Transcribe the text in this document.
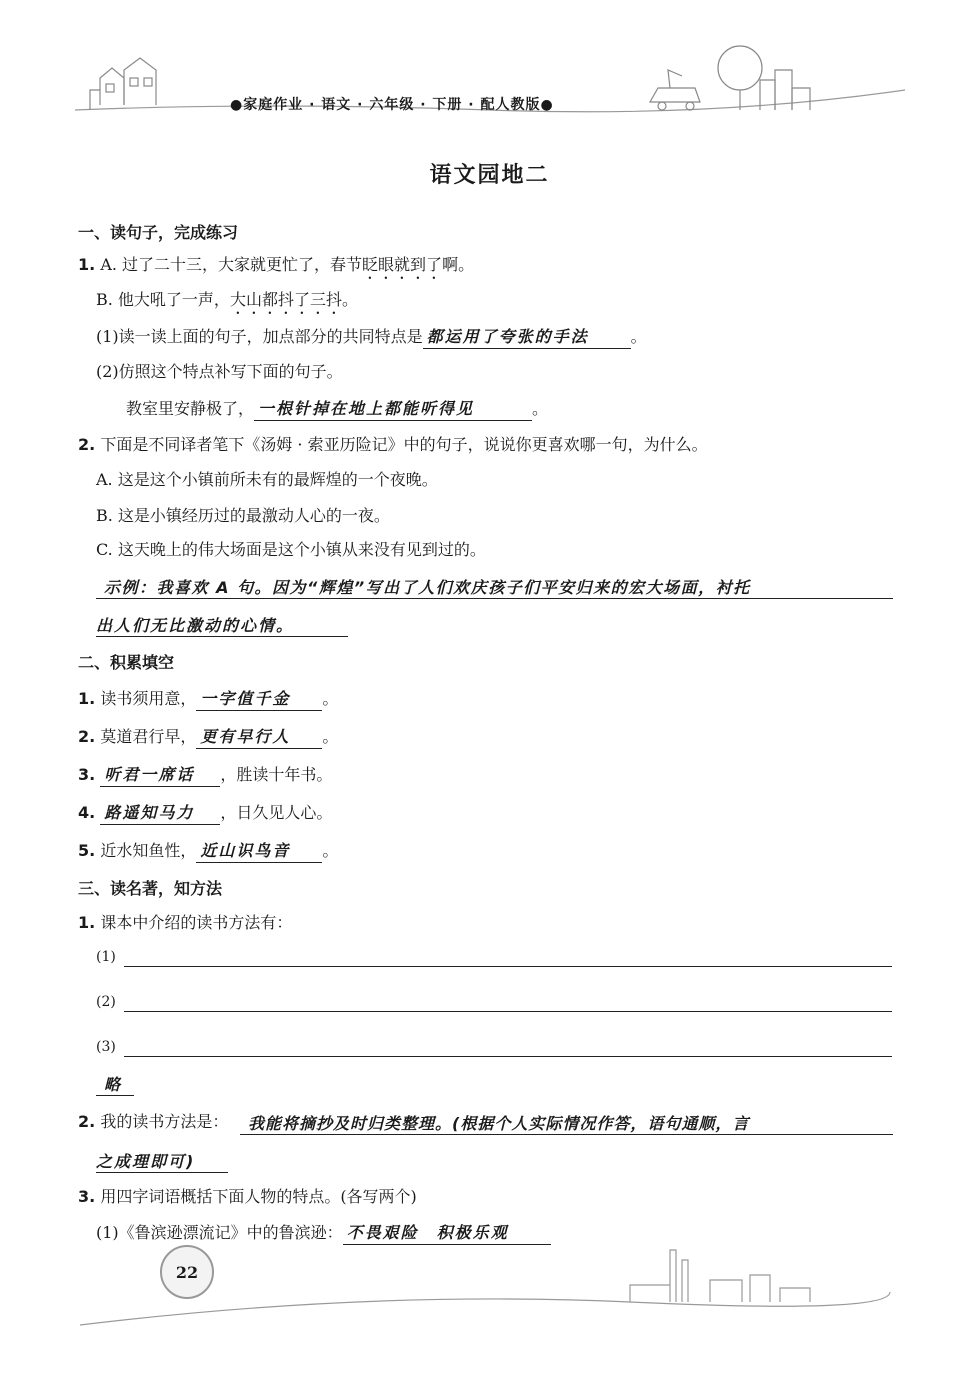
●家庭作业 · 语文 · 六年级 · 下册 · 配人教版●
语文园地二
一、读句子，完成练习
1. A. 过了二十三，大家就更忙了，春节眨眼就到了啊。
B. 他大吼了一声，大山都抖了三抖。
(1)读一读上面的句子，加点部分的共同特点是 都运用了夸张的手法	。
(2)仿照这个特点补写下面的句子。
教室里安静极了， 一根针掉在地上都能听得见	。
2. 下面是不同译者笔下《汤姆 · 索亚历险记》中的句子，说说你更喜欢哪一句，为什么。
A. 这是这个小镇前所未有的最辉煌的一个夜晚。
B. 这是小镇经历过的最激动人心的一夜。
C. 这天晚上的伟大场面是这个小镇从来没有见到过的。
示例：我喜欢 A 句。因为“辉煌”写出了人们欢庆孩子们平安归来的宏大场面，衬托
出人们无比激动的心情。
二、积累填空
1. 读书须用意， 一字值千金 。
2. 莫道君行早， 更有早行人 。
3. 听君一席话 ，胜读十年书。
4. 路遥知马力 ，日久见人心。
5. 近水知鱼性， 近山识鸟音 。
三、读名著，知方法
1. 课本中介绍的读书方法有：
(1)
(2)
(3)
略
2. 我的读书方法是：	我能将摘抄及时归类整理。(根据个人实际情况作答，语句通顺，言
之成理即可)
3. 用四字词语概括下面人物的特点。(各写两个)
(1)《鲁滨逊漂流记》中的鲁滨逊： 不畏艰险　积极乐观
22
